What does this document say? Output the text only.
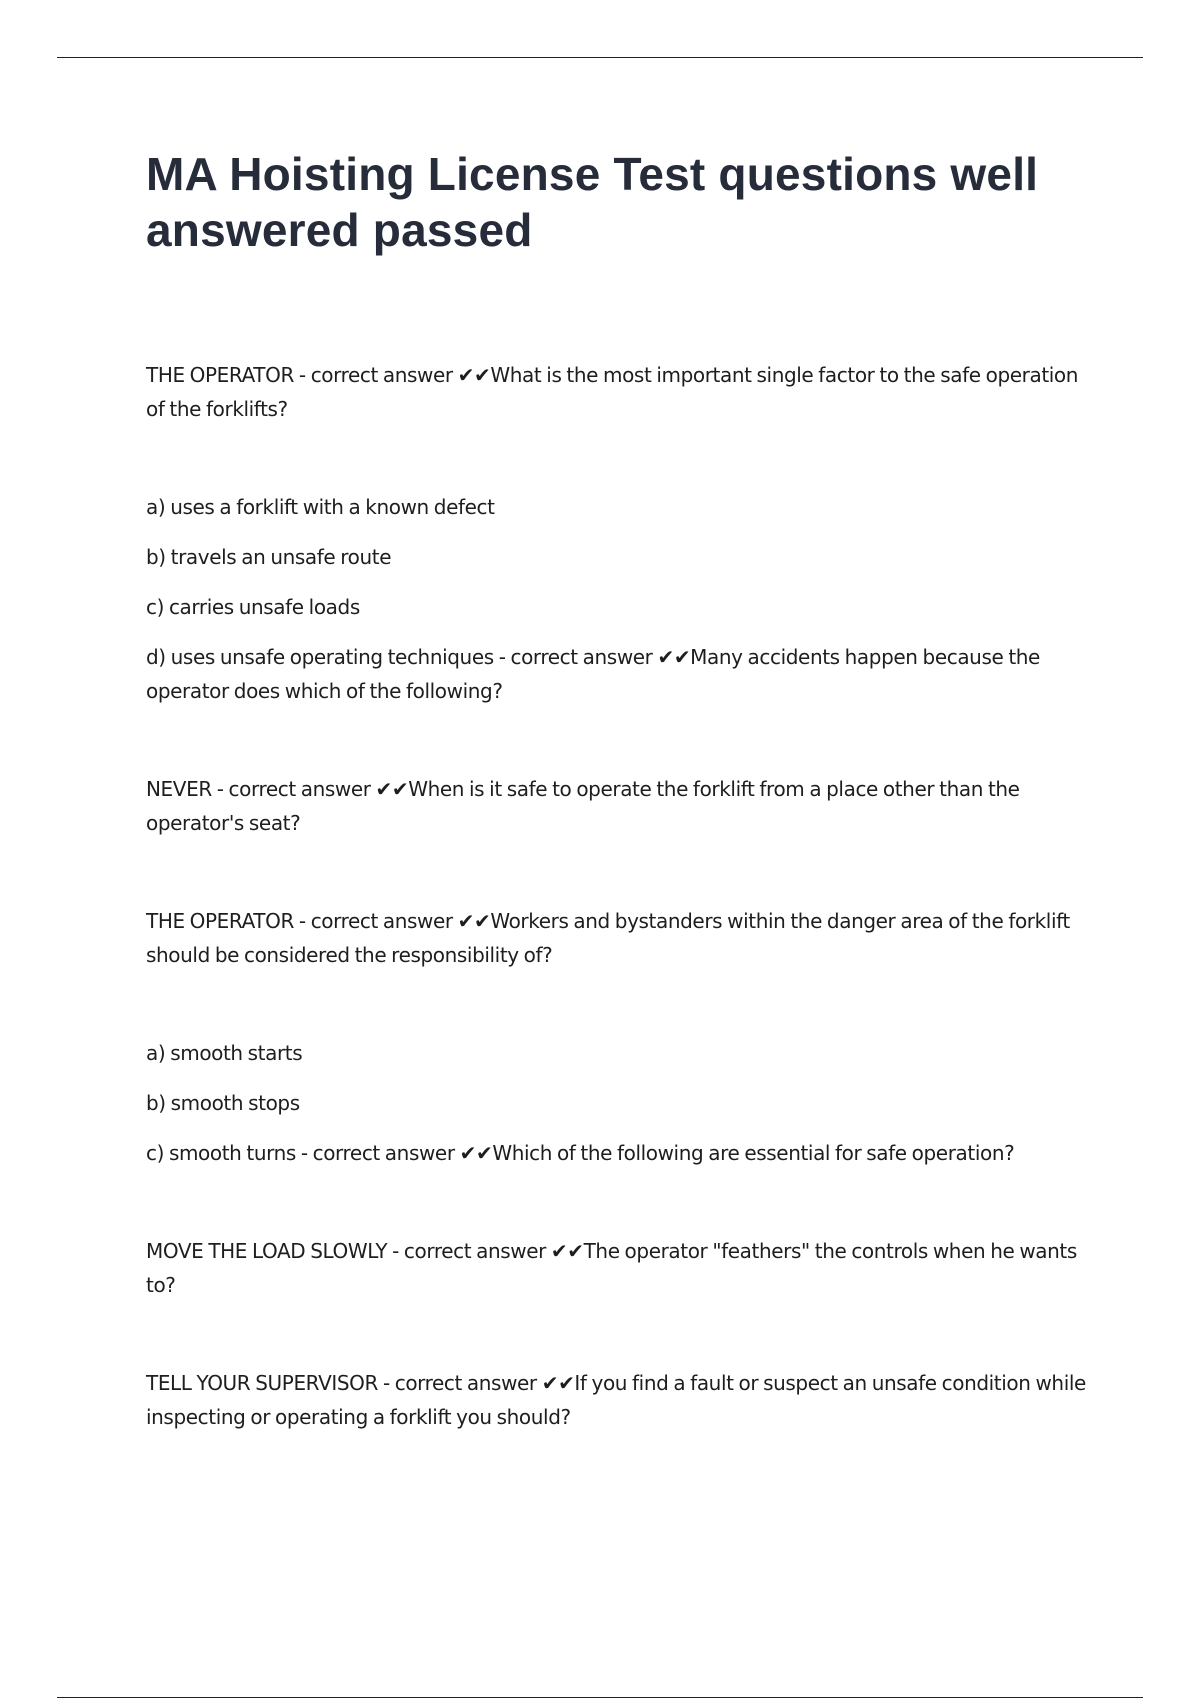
MA Hoisting License Test questions well answered passed

THE OPERATOR - correct answer ✔✔What is the most important single factor to the safe operation of the forklifts?

a) uses a forklift with a known defect

b) travels an unsafe route

c) carries unsafe loads

d) uses unsafe operating techniques - correct answer ✔✔Many accidents happen because the operator does which of the following?

NEVER - correct answer ✔✔When is it safe to operate the forklift from a place other than the operator's seat?

THE OPERATOR - correct answer ✔✔Workers and bystanders within the danger area of the forklift should be considered the responsibility of?

a) smooth starts

b) smooth stops

c) smooth turns - correct answer ✔✔Which of the following are essential for safe operation?

MOVE THE LOAD SLOWLY - correct answer ✔✔The operator "feathers" the controls when he wants to?

TELL YOUR SUPERVISOR - correct answer ✔✔If you find a fault or suspect an unsafe condition while inspecting or operating a forklift you should?
